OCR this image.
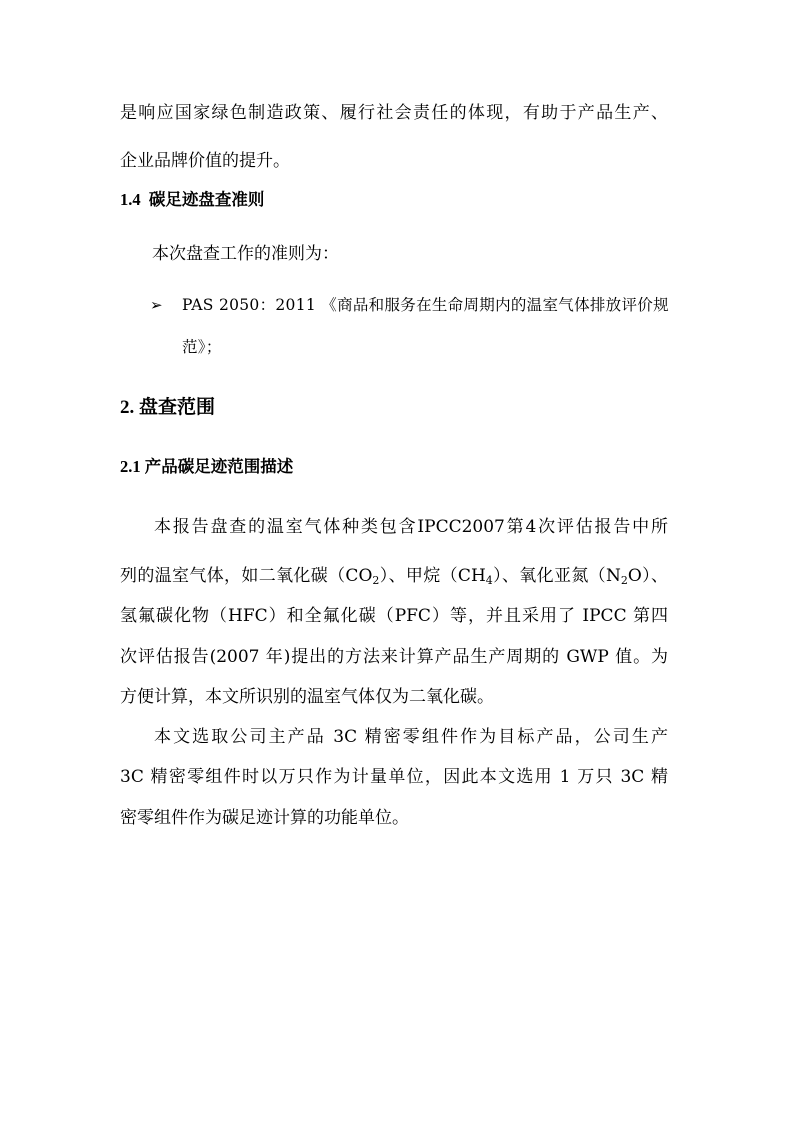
是响应国家绿色制造政策、履行社会责任的体现，有助于产品生产、
企业品牌价值的提升。
1.4 碳足迹盘查准则
本次盘查工作的准则为：
➢ PAS 2050：2011 《商品和服务在生命周期内的温室气体排放评价规
范》；
2. 盘查范围
2.1 产品碳足迹范围描述
本报告盘查的温室气体种类包含IPCC2007第4次评估报告中所
列的温室气体，如二氧化碳$(CO_2)$、甲烷$(CH_4)$、氧化亚氮$(N_2O)$、
氢氟碳化物（HFC）和全氟化碳（PFC）等，并且采用了 IPCC 第四
次评估报告(2007 年)提出的方法来计算产品生产周期的 GWP 值。为
方便计算，本文所识别的温室气体仅为二氧化碳。
本文选取公司主产品 3C 精密零组件作为目标产品，公司生产
3C 精密零组件时以万只作为计量单位，因此本文选用 1 万只 3C 精
密零组件作为碳足迹计算的功能单位。
